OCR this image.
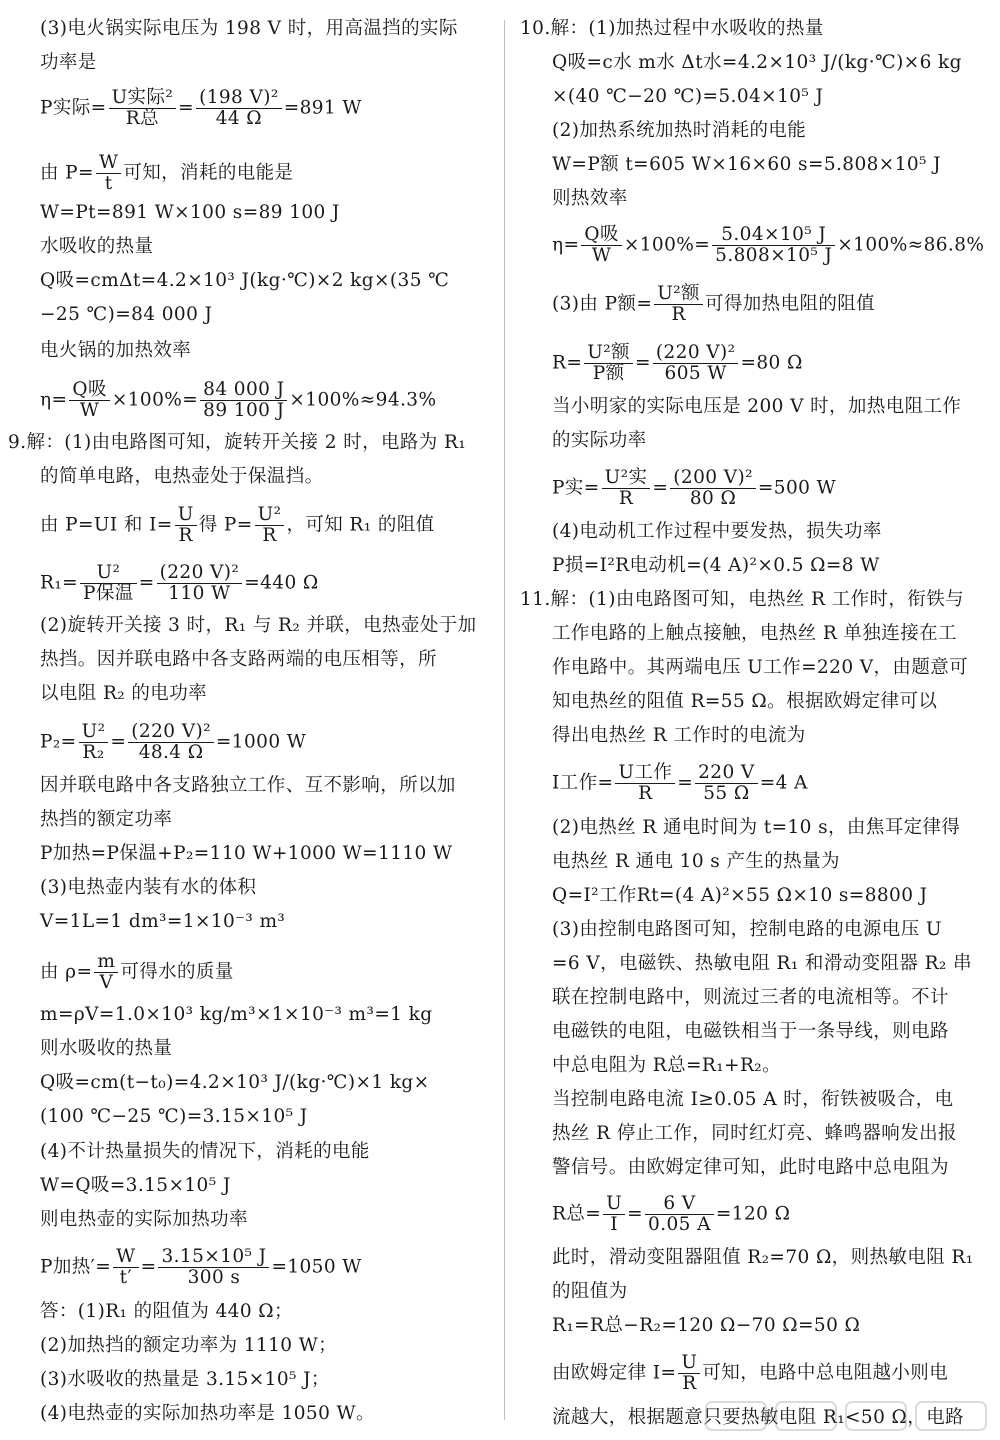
(3)电火锅实际电压为 198 V 时，用高温挡的实际
功率是
P实际= U实际²
R总	= $\frac{\text{(198 V)²}}{44 \Omega} =891$ W
由 $P= \frac{W}{t}$ 可知，消耗的电能是
W=Pt=891 W×100 s=89 100 J
水吸收的热量
Q吸=cmΔt=4.2×10³ J(kg·℃)×2 kg×(35 ℃
−25 ℃)=84 000 J
电火锅的加热效率
η= Q吸
$W \times 100\%= \frac{84 000 J}{89 100 J} \times 100\%\approx 94.3\%$
9.解：(1)由电路图可知，旋转开关接 2 时，电路为 R₁
的简单电路，电热壶处于保温挡。
由 P=UI 和 $I= \frac{U}{R}$ 得 $P= \frac{\text{U²}}{R}$ ，可知 R₁ 的阻值
R₁= U²
P保温 = $\frac{\text{(220 V)²}}{110 W} =440$ Ω
(2)旋转开关接 3 时，R₁ 与 R₂ 并联，电热壶处于加
热挡。因并联电路中各支路两端的电压相等，所
以电阻 R₂ 的电功率
$P_2= \frac{\text{U²}}{\text{R₂}} = \frac{\text{(220 V)²}}{48.4 \Omega} =1000$ W
因并联电路中各支路独立工作、互不影响，所以加
热挡的额定功率
P加热=P保温+P₂=110 W+1000 W=1110 W
(3)电热壶内装有水的体积
V=1L=1 dm³=1×10⁻³ m³
由 $\rho= \frac{m}{V}$ 可得水的质量
m=ρV=1.0×10³ kg/m³×1×10⁻³ m³=1 kg
则水吸收的热量
Q吸=cm(t−t₀)=4.2×10³ J/(kg·℃)×1 kg×
(100 ℃−25 ℃)=3.15×10⁵ J
(4)不计热量损失的情况下，消耗的电能
W=Q吸=3.15×10⁵ J
则电热壶的实际加热功率
P加热′= $\frac{W}{t'} = \frac{\text{3.15×10⁵ J}}{300 s} =1050$ W
答：(1)R₁ 的阻值为 440 Ω；
(2)加热挡的额定功率为 1110 W；
(3)水吸收的热量是 3.15×10⁵ J；
(4)电热壶的实际加热功率是 1050 W。
10.解：(1)加热过程中水吸收的热量
Q吸=c水 m水 Δt水=4.2×10³ J/(kg·℃)×6 kg
×(40 ℃−20 ℃)=5.04×10⁵ J
(2)加热系统加热时消耗的电能
W=P额 t=605 W×16×60 s=5.808×10⁵ J
则热效率
η= Q吸
$W \times 100\%= \frac{\text{5.04×10⁵ J}}{\text{5.808×10⁵ J}} \times 100\%\approx 86.8\%$
(3)由 P额= U²额
R	可得加热电阻的阻值
R= U²额
P额 = $\frac{\text{(220 V)²}}{605 W} =80$ Ω
当小明家的实际电压是 200 V 时，加热电阻工作
的实际功率
P实= U²实
R	= $\frac{\text{(200 V)²}}{80 \Omega} =500$ W
(4)电动机工作过程中要发热，损失功率
P损=I²R电动机=(4 A)²×0.5 Ω=8 W
11.解：(1)由电路图可知，电热丝 R 工作时，衔铁与
工作电路的上触点接触，电热丝 R 单独连接在工
作电路中。其两端电压 U工作=220 V，由题意可
知电热丝的阻值 R=55 Ω。根据欧姆定律可以
得出电热丝 R 工作时的电流为
I工作= U工作
R	= $\frac{220 V}{55 \Omega} =4$ A
(2)电热丝 R 通电时间为 t=10 s，由焦耳定律得
电热丝 R 通电 10 s 产生的热量为
Q=I²工作Rt=(4 A)²×55 Ω×10 s=8800 J
(3)由控制电路图可知，控制电路的电源电压 U
=6 V，电磁铁、热敏电阻 R₁ 和滑动变阻器 R₂ 串
联在控制电路中，则流过三者的电流相等。不计
电磁铁的电阻，电磁铁相当于一条导线，则电路
中总电阻为 R总=R₁+R₂。
当控制电路电流 I≥0.05 A 时，衔铁被吸合，电
热丝 R 停止工作，同时红灯亮、蜂鸣器响发出报
警信号。由欧姆定律可知，此时电路中总电阻为
R总= $\frac{U}{I} = \frac{6 V}{0.05 A} =120$ Ω
此时，滑动变阻器阻值 R₂=70 Ω，则热敏电阻 R₁
的阻值为
R₁=R总−R₂=120 Ω−70 Ω=50 Ω
由欧姆定律 $I= \frac{U}{R}$ 可知，电路中总电阻越小则电
流越大，根据题意只要热敏电阻 R₁<50 Ω，电路
